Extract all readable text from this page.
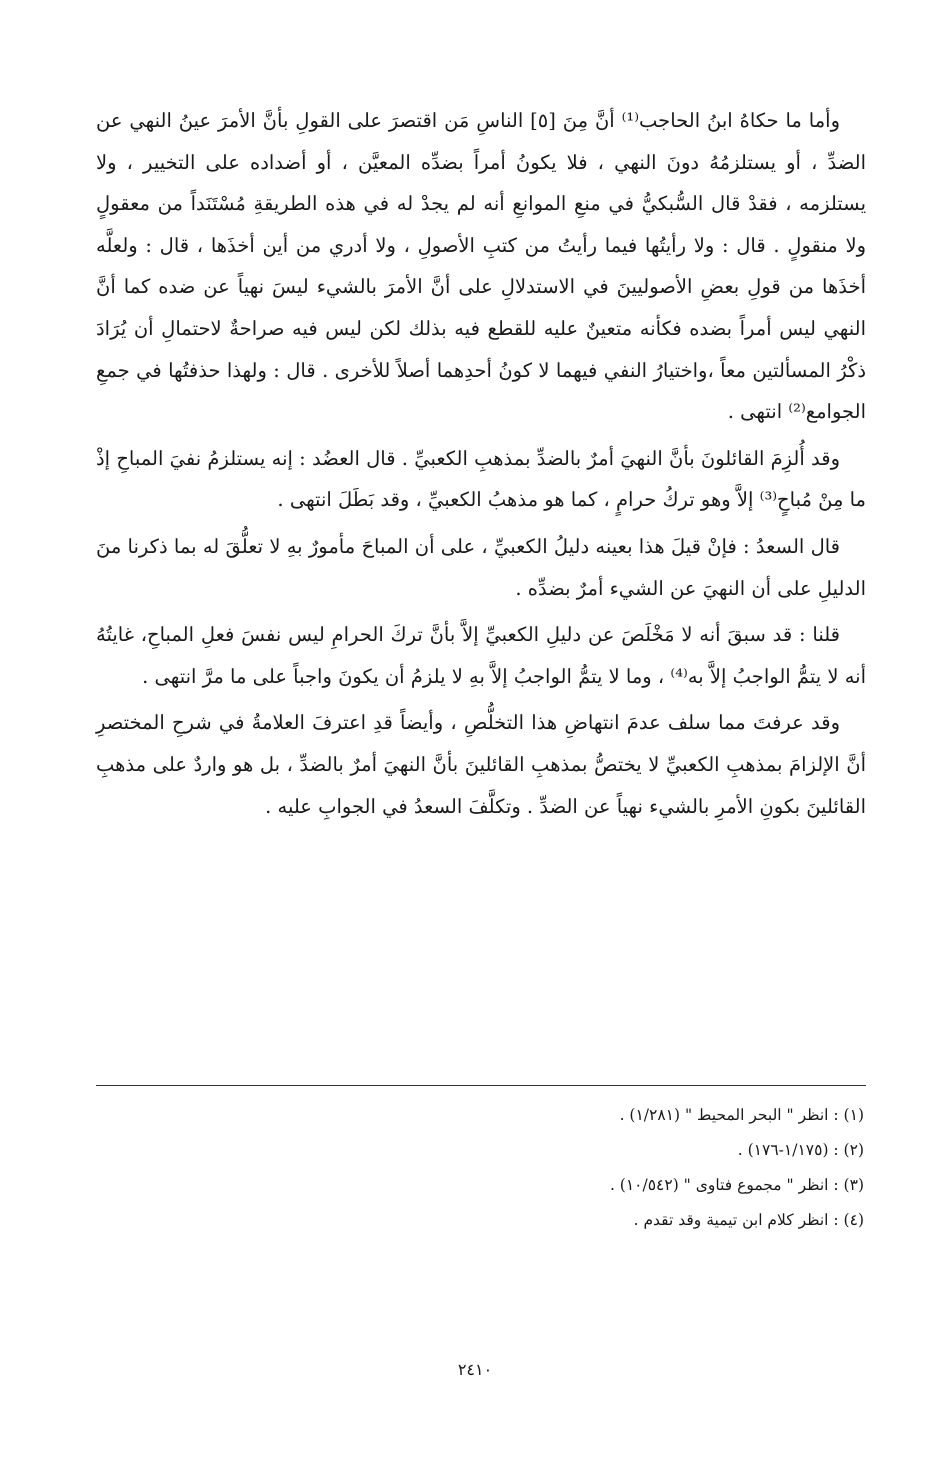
وأما ما حكاهُ ابنُ الحاجب⁽¹⁾ أنَّ مِنَ [٥] الناسِ مَن اقتصرَ على القولِ بأنَّ الأمرَ عينُ النهي عن الضدِّ ، أو يستلزمُهُ دونَ النهي ، فلا يكونُ أمراً بضدِّه المعيَّن ، أو أضداده على التخيير ، ولا يستلزمه ، فقدْ قال السُّبكيُّ في منعِ الموانعِ أنه لم يجدْ له في هذه الطريقةِ مُسْتَنَداً من معقولٍ ولا منقولٍ . قال : ولا رأيتُها فيما رأيتُ من كتبِ الأصولِ ، ولا أدري من أين أخذَها ، قال : ولعلَّه أخذَها من قولِ بعضِ الأصوليينَ في الاستدلالِ على أنَّ الأمرَ بالشيء ليسَ نهياً عن ضده كما أنَّ النهي ليس أمراً بضده فكأنه متعينٌ عليه للقطع فيه بذلك لكن ليس فيه صراحةٌ لاحتمالِ أن يُرَادَ ذكْرُ المسألتين معاً ،واختيارُ النفي فيهما لا كونُ أحدِهما أصلاً للأخرى . قال : ولهذا حذفتُها في جمعِ الجوامع⁽²⁾ انتهى .

وقد أُلزِمَ القائلونَ بأنَّ النهيَ أمرٌ بالضدِّ بمذهبِ الكعبيِّ . قال العضُد : إنه يستلزمُ نفيَ المباحِ إذْ ما مِنْ مُباحٍ⁽³⁾ إلاَّ وهو تركُ حرامٍ ، كما هو مذهبُ الكعبيِّ ، وقد بَطَلَ انتهى .

قال السعدُ : فإنْ قيلَ هذا بعينه دليلُ الكعبيِّ ، على أن المباحَ مأمورٌ بهِ لا تعلُّقَ له بما ذكرنا منَ الدليلِ على أن النهيَ عن الشيء أمرٌ بضدِّه .

قلنا : قد سبقَ أنه لا مَخْلَصَ عن دليلِ الكعبيِّ إلاَّ بأنَّ تركَ الحرامِ ليس نفسَ فعلِ المباحِ، غايتُهُ أنه لا يتمُّ الواجبُ إلاَّ به⁽⁴⁾ ، وما لا يتمُّ الواجبُ إلاَّ بهِ لا يلزمُ أن يكونَ واجباً على ما مرَّ انتهى .

وقد عرفتَ مما سلف عدمَ انتهاضِ هذا التخلُّصِ ، وأيضاً قدِ اعترفَ العلامةُ في شرحِ المختصرِ أنَّ الإلزامَ بمذهبِ الكعبيِّ لا يختصُّ بمذهبِ القائلينَ بأنَّ النهيَ أمرٌ بالضدِّ ، بل هو واردٌ على مذهبِ القائلينَ بكونِ الأمرِ بالشيء نهياً عن الضدِّ . وتكلَّفَ السعدُ في الجوابِ عليه .

(١) : انظر " البحر المحيط " (١/٢٨١) .

(٢) : (١/١٧٥-١٧٦) .

(٣) : انظر " مجموع فتاوى " (١٠/٥٤٢) .

(٤) : انظر كلام ابن تيمية وقد تقدم .

٢٤١٠
